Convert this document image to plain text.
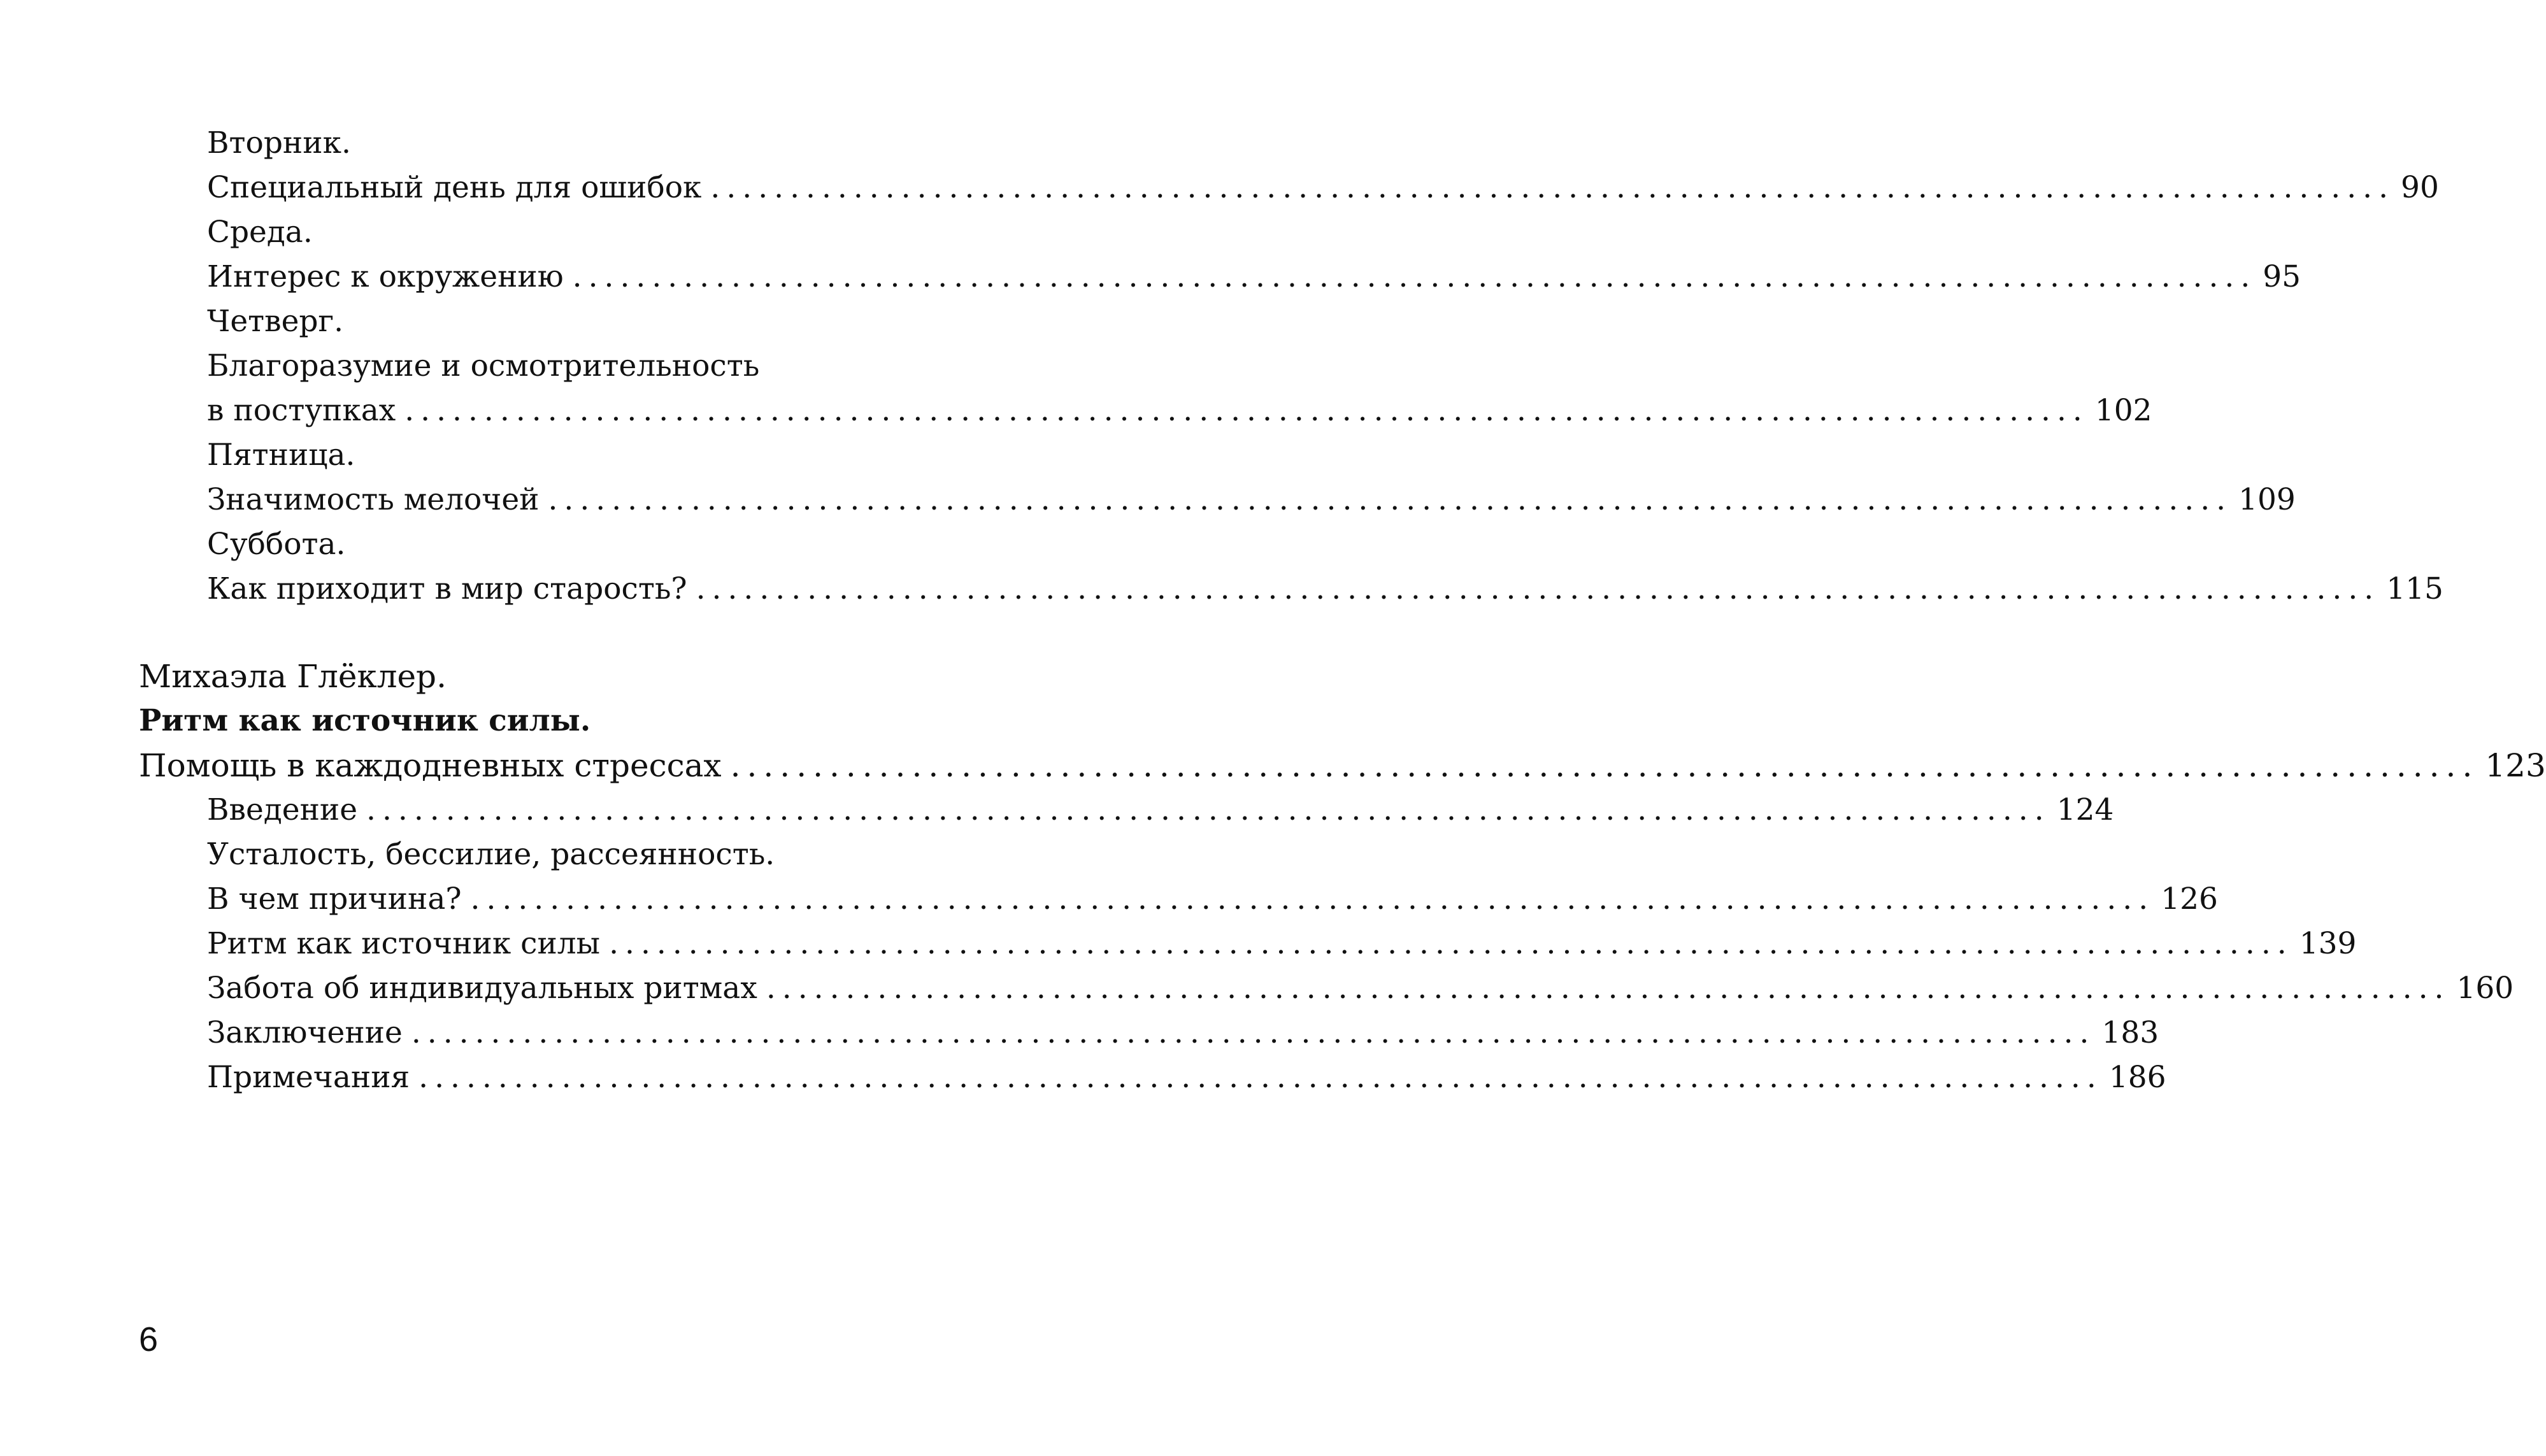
Вторник.
Специальный день для ошибок .......................................................................................................... 90
Среда.
Интерес к окружению .......................................................................................................... 95
Четверг.
Благоразумие и осмотрительность
в поступках .......................................................................................................... 102
Пятница.
Значимость мелочей .......................................................................................................... 109
Суббота.
Как приходит в мир старость? .......................................................................................................... 115
Михаэла Глёклер.
Ритм как источник силы.
Помощь в каждодневных стрессах .......................................................................................................... 123
Введение .......................................................................................................... 124
Усталость, бессилие, рассеянность.
В чем причина? .......................................................................................................... 126
Ритм как источник силы .......................................................................................................... 139
Забота об индивидуальных ритмах .......................................................................................................... 160
Заключение .......................................................................................................... 183
Примечания .......................................................................................................... 186
6
